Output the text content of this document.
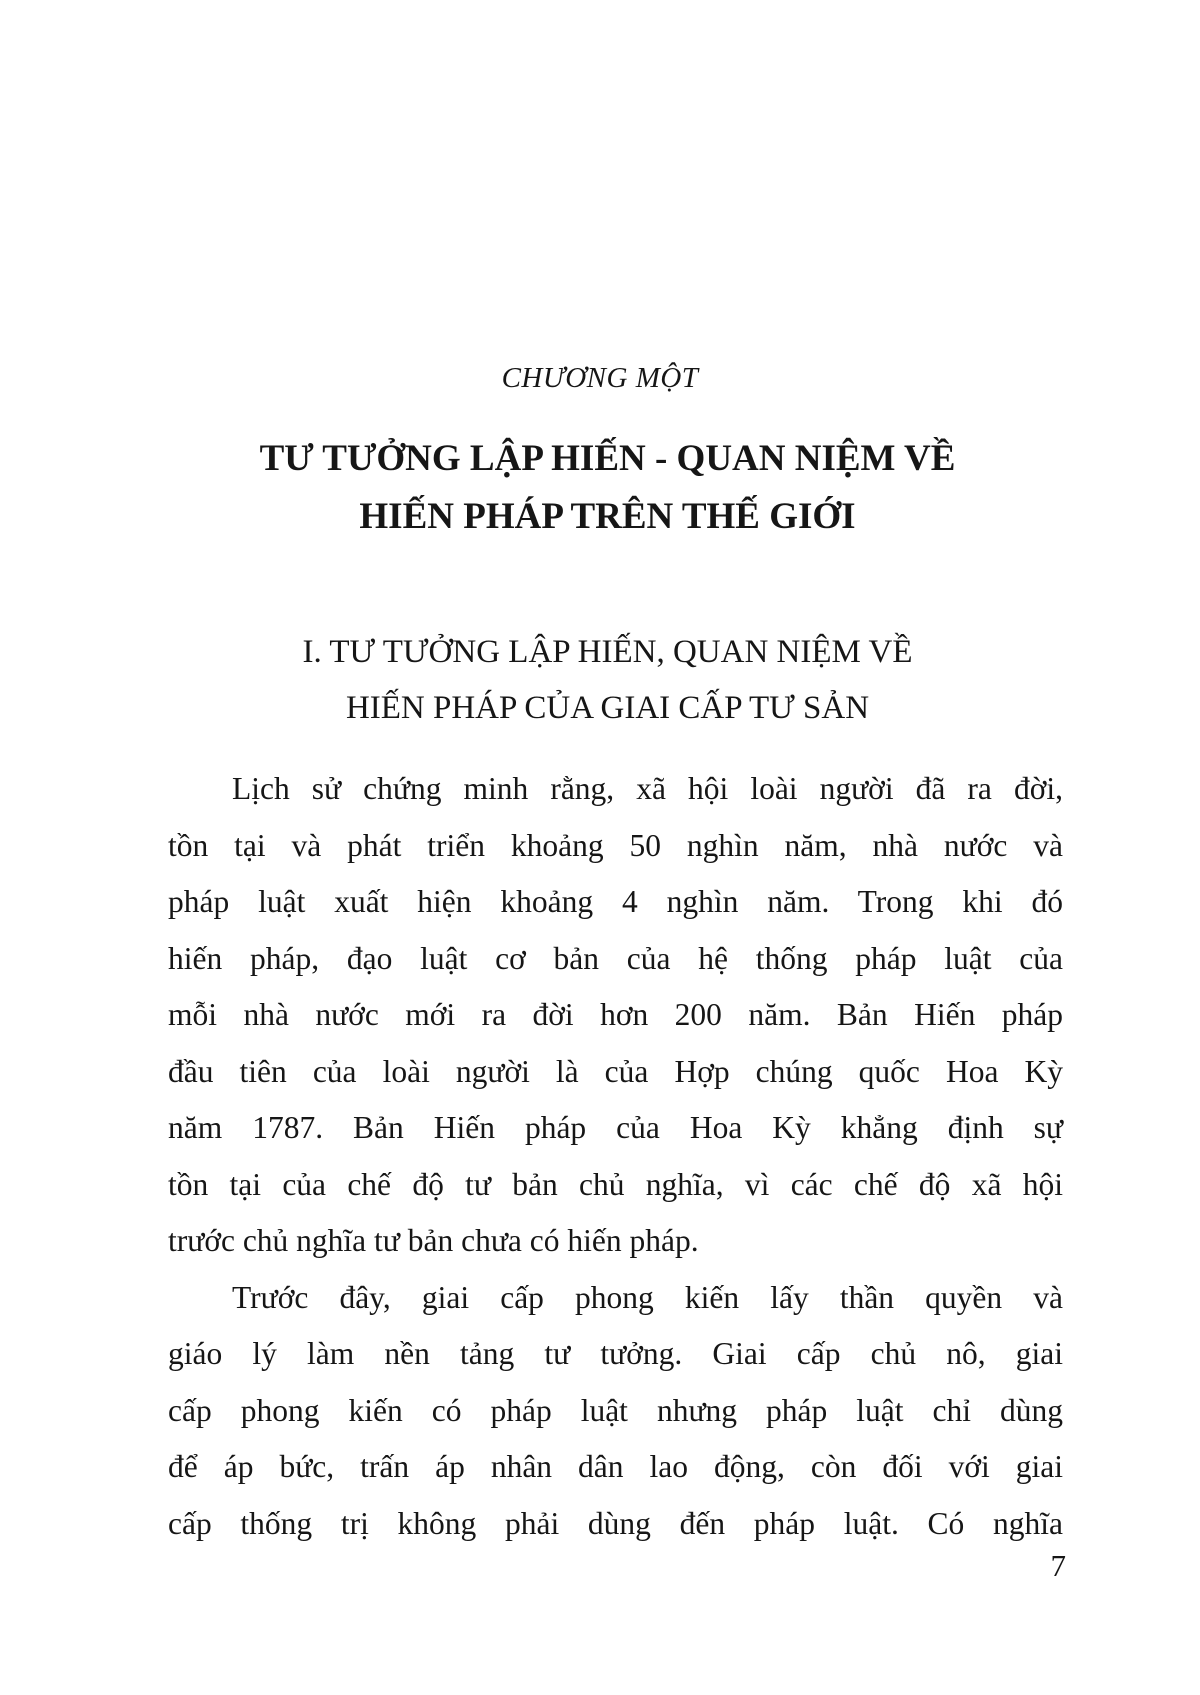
CHƯƠNG MỘT
TƯ TƯỞNG LẬP HIẾN - QUAN NIỆM VỀ
HIẾN PHÁP TRÊN THẾ GIỚI
I. TƯ TƯỞNG LẬP HIẾN, QUAN NIỆM VỀ
HIẾN PHÁP CỦA GIAI CẤP TƯ SẢN
Lịch sử chứng minh rằng, xã hội loài người đã ra đời,
tồn tại và phát triển khoảng 50 nghìn năm, nhà nước và
pháp luật xuất hiện khoảng 4 nghìn năm. Trong khi đó
hiến pháp, đạo luật cơ bản của hệ thống pháp luật của
mỗi nhà nước mới ra đời hơn 200 năm. Bản Hiến pháp
đầu tiên của loài người là của Hợp chúng quốc Hoa Kỳ
năm 1787. Bản Hiến pháp của Hoa Kỳ khẳng định sự
tồn tại của chế độ tư bản chủ nghĩa, vì các chế độ xã hội
trước chủ nghĩa tư bản chưa có hiến pháp.
Trước đây, giai cấp phong kiến lấy thần quyền và
giáo lý làm nền tảng tư tưởng. Giai cấp chủ nô, giai
cấp phong kiến có pháp luật nhưng pháp luật chỉ dùng
để áp bức, trấn áp nhân dân lao động, còn đối với giai
cấp thống trị không phải dùng đến pháp luật. Có nghĩa
7
